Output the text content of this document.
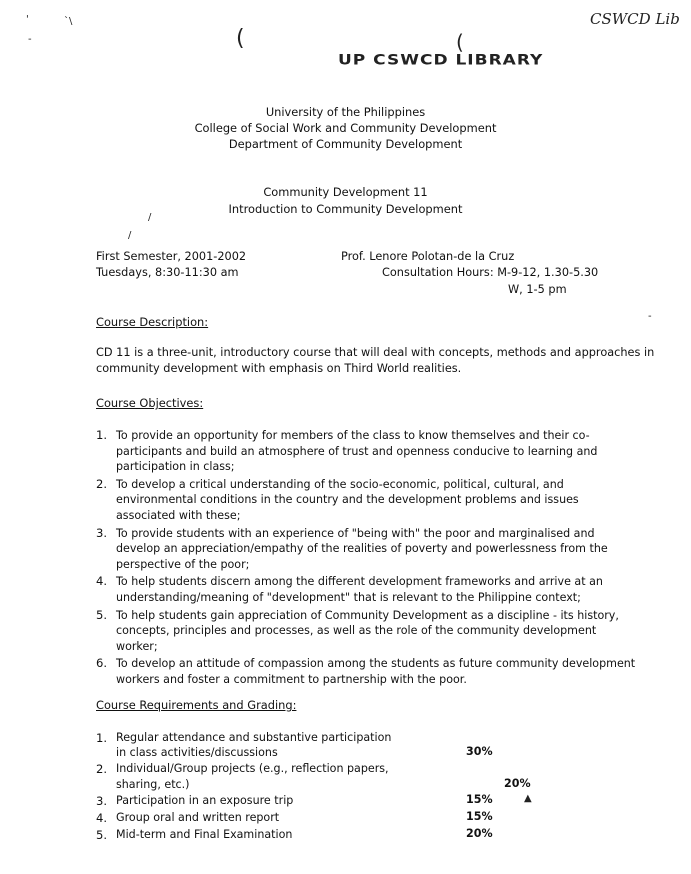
'	`\
-	(	(
/
/
-
▲
CSWCD Lib
UP CSWCD LIBRARY
University of the Philippines
College of Social Work and Community Development
Department of Community Development
Community Development 11
Introduction to Community Development
First Semester, 2001-2002
Tuesdays, 8:30-11:30 am
Prof. Lenore Polotan-de la Cruz
Consultation Hours: M-9-12, 1.30-5.30
W, 1-5 pm
Course Description:
CD 11 is a three-unit, introductory course that will deal with concepts, methods and approaches in
community development with emphasis on Third World realities.
Course Objectives:
1. To provide an opportunity for members of the class to know themselves and their co-participants and build an atmosphere of trust and openness conducive to learning and participation in class;
2. To develop a critical understanding of the socio-economic, political, cultural, and environmental conditions in the country and the development problems and issues associated with these;
3. To provide students with an experience of "being with" the poor and marginalised and develop an appreciation/empathy of the realities of poverty and powerlessness from the perspective of the poor;
4. To help students discern among the different development frameworks and arrive at an understanding/meaning of "development" that is relevant to the Philippine context;
5. To help students gain appreciation of Community Development as a discipline - its history, concepts, principles and processes, as well as the role of the community development worker;
6. To develop an attitude of compassion among the students as future community development workers and foster a commitment to partnership with the poor.
Course Requirements and Grading:
1. Regular attendance and substantive participation
in class activities/discussions	30%
2. Individual/Group projects (e.g., reflection papers,
sharing, etc.)	20%
3. Participation in an exposure trip	15%
4. Group oral and written report	15%
5. Mid-term and Final Examination	20%
